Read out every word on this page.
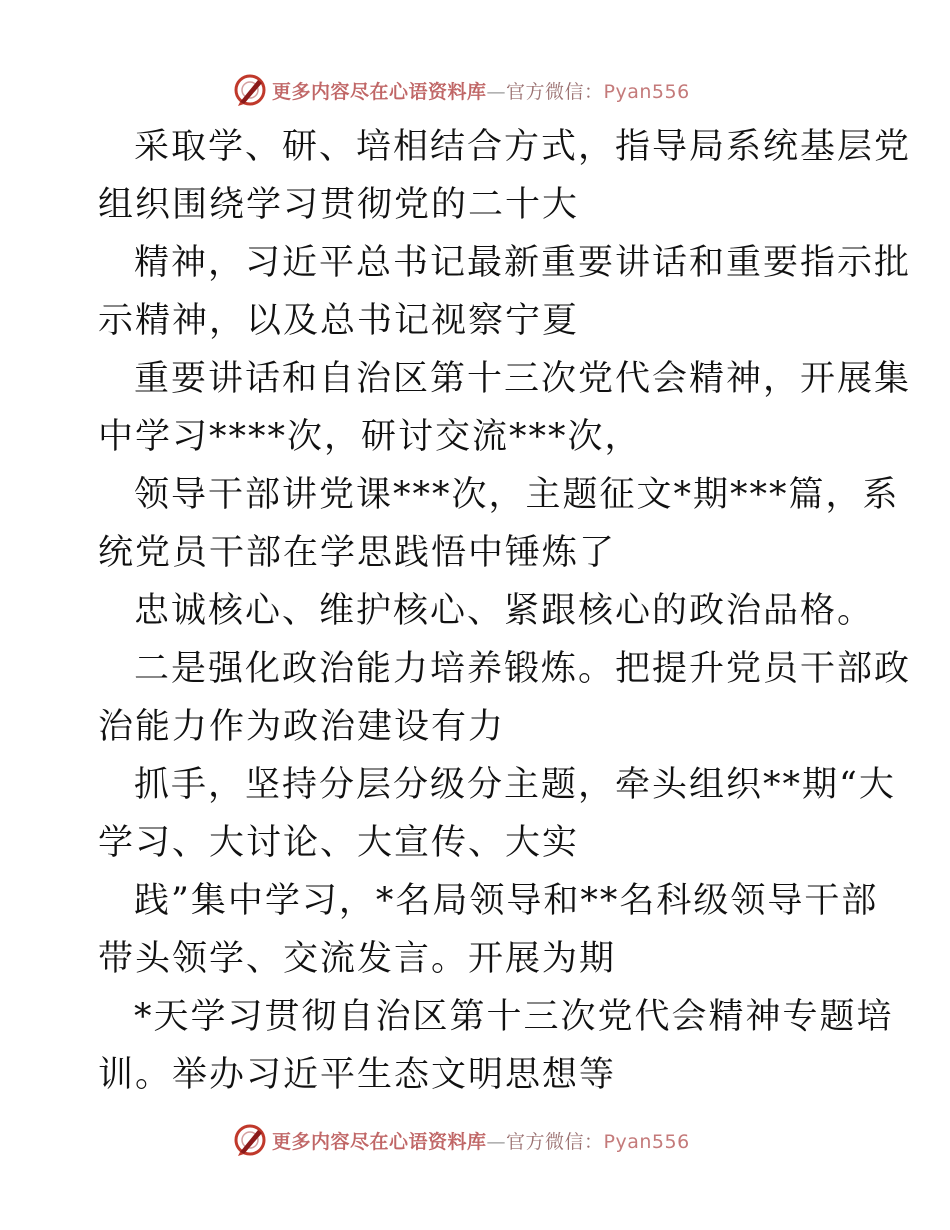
更多内容尽在心语资料库—官方微信：Pyan556
采取学、研、培相结合方式，指导局系统基层党
组织围绕学习贯彻党的二十大
精神，习近平总书记最新重要讲话和重要指示批
示精神，以及总书记视察宁夏
重要讲话和自治区第十三次党代会精神，开展集
中学习****次，研讨交流***次，
领导干部讲党课***次，主题征文*期***篇，系
统党员干部在学思践悟中锤炼了
忠诚核心、维护核心、紧跟核心的政治品格。
二是强化政治能力培养锻炼。把提升党员干部政
治能力作为政治建设有力
抓手，坚持分层分级分主题，牵头组织**期“大
学习、大讨论、大宣传、大实
践”集中学习，*名局领导和**名科级领导干部
带头领学、交流发言。开展为期
*天学习贯彻自治区第十三次党代会精神专题培
训。举办习近平生态文明思想等
更多内容尽在心语资料库—官方微信：Pyan556
